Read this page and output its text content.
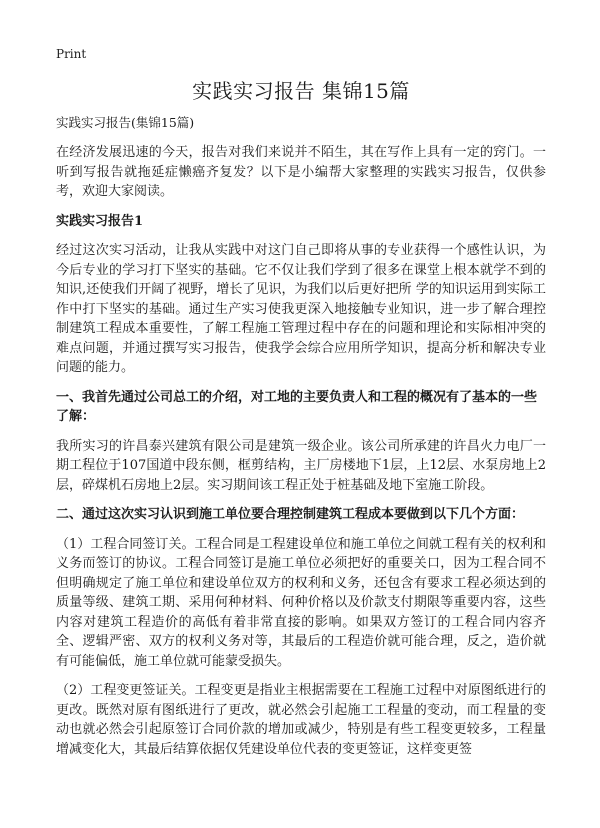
Print
实践实习报告 集锦15篇
实践实习报告(集锦15篇)

在经济发展迅速的今天，报告对我们来说并不陌生，其在写作上具有一定的窍门。一听到写报告就拖延症懒癌齐复发？以下是小编帮大家整理的实践实习报告，仅供参考，欢迎大家阅读。

实践实习报告1

经过这次实习活动，让我从实践中对这门自己即将从事的专业获得一个感性认识，为今后专业的学习打下坚实的基础。它不仅让我们学到了很多在课堂上根本就学不到的知识,还使我们开阔了视野，增长了见识，为我们以后更好把所 学的知识运用到实际工作中打下坚实的基础。通过生产实习使我更深入地接触专业知识，进一步了解合理控制建筑工程成本重要性，了解工程施工管理过程中存在的问题和理论和实际相冲突的难点问题，并通过撰写实习报告，使我学会综合应用所学知识，提高分析和解决专业问题的能力。

一、我首先通过公司总工的介绍，对工地的主要负责人和工程的概况有了基本的一些了解：

我所实习的许昌泰兴建筑有限公司是建筑一级企业。该公司所承建的许昌火力电厂一期工程位于107国道中段东侧，框剪结构，主厂房楼地下1层，上12层、水泵房地上2层，碎煤机石房地上2层。实习期间该工程正处于桩基础及地下室施工阶段。

二、通过这次实习认识到施工单位要合理控制建筑工程成本要做到以下几个方面：

（1）工程合同签订关。工程合同是工程建设单位和施工单位之间就工程有关的权利和义务而签订的协议。工程合同签订是施工单位必须把好的重要关口，因为工程合同不但明确规定了施工单位和建设单位双方的权利和义务，还包含有要求工程必须达到的质量等级、建筑工期、采用何种材料、何种价格以及价款支付期限等重要内容，这些内容对建筑工程造价的高低有着非常直接的影响。如果双方签订的工程合同内容齐全、逻辑严密、双方的权利义务对等，其最后的工程造价就可能合理，反之，造价就有可能偏低，施工单位就可能蒙受损失。

（2）工程变更签证关。工程变更是指业主根据需要在工程施工过程中对原图纸进行的更改。既然对原有图纸进行了更改，就必然会引起施工工程量的变动，而工程量的变动也就必然会引起原签订合同价款的增加或减少，特别是有些工程变更较多，工程量增减变化大，其最后结算依据仅凭建设单位代表的变更签证，这样变更签
